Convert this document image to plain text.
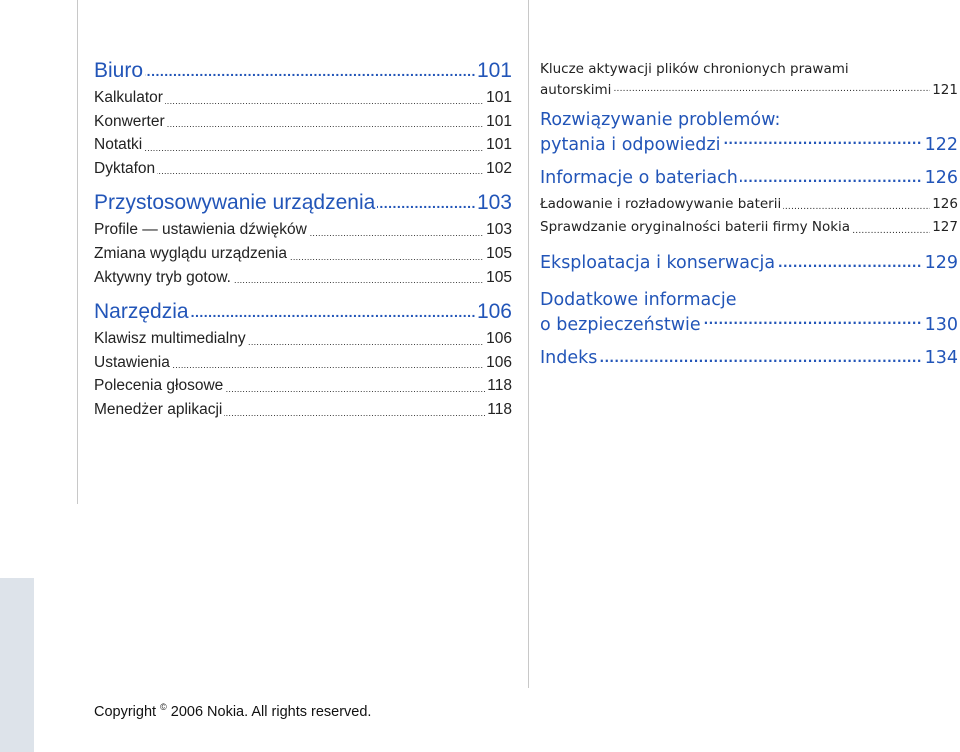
Biuro	101
.....
Kalkulator	101
.....
Konwerter	101
.....
Notatki	101
.....
Dyktafon	102
.....
Przystosowywanie urządzenia	103
.....
Profile — ustawienia dźwięków	103
.....
Zmiana wyglądu urządzenia	105
.....
Aktywny tryb gotow.	105
.....
Narzędzia	106
.....
Klawisz multimedialny	106
.....
Ustawienia	106
.....
Polecenia głosowe	118
.....
Menedżer aplikacji	118
.....
Klucze aktywacji plików chronionych prawami
autorskimi	121
.....
Rozwiązywanie problemów:
pytania i odpowiedzi	122
.....
Informacje o bateriach	126
.....
Ładowanie i rozładowywanie baterii	126
.....
Sprawdzanie oryginalności baterii firmy Nokia	127
.....
Eksploatacja i konserwacja	129
.....
Dodatkowe informacje
o bezpieczeństwie	130
.....
Indeks	134
.....
Copyright © 2006 Nokia. All rights reserved.
